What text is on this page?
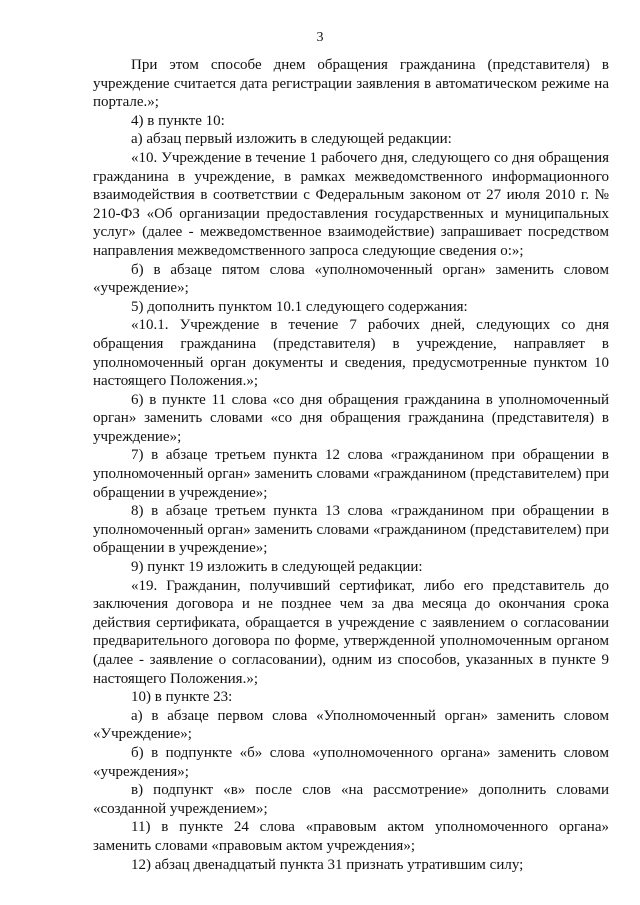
3

При этом способе днем обращения гражданина (представителя) в учреждение считается дата регистрации заявления в автоматическом режиме на портале.»;

4) в пункте 10:

а) абзац первый изложить в следующей редакции:

«10. Учреждение в течение 1 рабочего дня, следующего со дня обращения гражданина в учреждение, в рамках межведомственного информационного взаимодействия в соответствии с Федеральным законом от 27 июля 2010 г. № 210-ФЗ «Об организации предоставления государственных и муниципальных услуг» (далее - межведомственное взаимодействие) запрашивает посредством направления межведомственного запроса следующие сведения о:»;

б) в абзаце пятом слова «уполномоченный орган» заменить словом «учреждение»;

5) дополнить пунктом 10.1 следующего содержания:

«10.1. Учреждение в течение 7 рабочих дней, следующих со дня обращения гражданина (представителя) в учреждение, направляет в уполномоченный орган документы и сведения, предусмотренные пунктом 10 настоящего Положения.»;

6) в пункте 11 слова «со дня обращения гражданина в уполномоченный орган» заменить словами «со дня обращения гражданина (представителя) в учреждение»;

7) в абзаце третьем пункта 12 слова «гражданином при обращении в уполномоченный орган» заменить словами «гражданином (представителем) при обращении в учреждение»;

8) в абзаце третьем пункта 13 слова «гражданином при обращении в уполномоченный орган» заменить словами «гражданином (представителем) при обращении в учреждение»;

9) пункт 19 изложить в следующей редакции:

«19. Гражданин, получивший сертификат, либо его представитель до заключения договора и не позднее чем за два месяца до окончания срока действия сертификата, обращается в учреждение с заявлением о согласовании предварительного договора по форме, утвержденной уполномоченным органом (далее - заявление о согласовании), одним из способов, указанных в пункте 9 настоящего Положения.»;

10) в пункте 23:

а) в абзаце первом слова «Уполномоченный орган» заменить словом «Учреждение»;

б) в подпункте «б» слова «уполномоченного органа» заменить словом «учреждения»;

в) подпункт «в» после слов «на рассмотрение» дополнить словами «созданной учреждением»;

11) в пункте 24 слова «правовым актом уполномоченного органа» заменить словами «правовым актом учреждения»;

12) абзац двенадцатый пункта 31 признать утратившим силу;
